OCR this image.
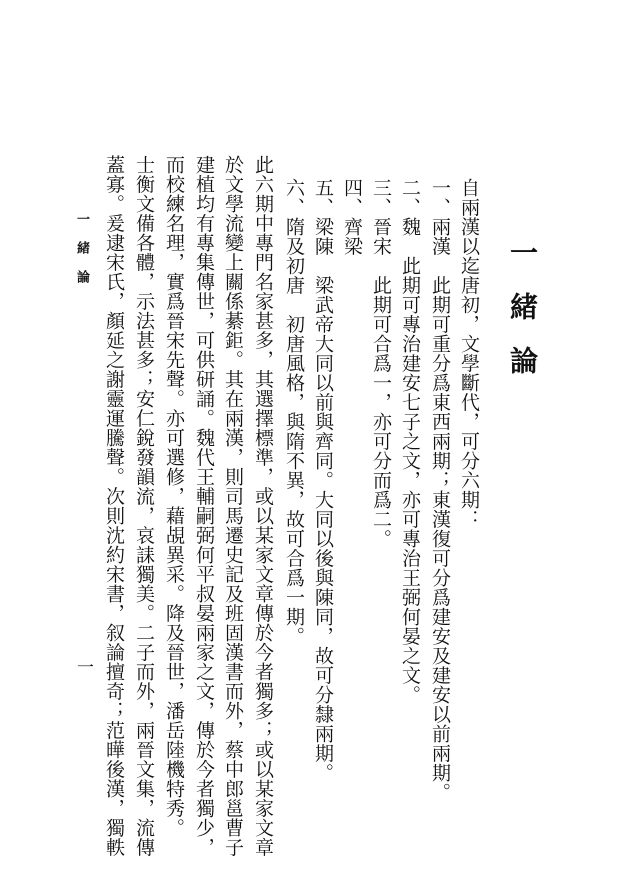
一緒論

自兩漢以迄唐初，文學斷代，可分六期：

一、兩漢　此期可重分爲東西兩期；東漢復可分爲建安及建安以前兩期。

二、魏　此期可專治建安七子之文，亦可專治王弼何晏之文。

三、晉宋　此期可合爲一，亦可分而爲二。

四、齊梁

五、梁陳　梁武帝大同以前與齊同。大同以後與陳同，故可分隸兩期。

六、隋及初唐　初唐風格，與隋不異，故可合爲一期。

此六期中專門名家甚多，其選擇標準，或以某家文章傳於今者獨多；或以某家文章

於文學流變上關係綦鉅。其在兩漢，則司馬遷史記及班固漢書而外，蔡中郎邕曹子

建植均有專集傳世，可供研誦。魏代王輔嗣弼何平叔晏兩家之文，傳於今者獨少，

而校練名理，實爲晉宋先聲。亦可選修，藉覘異采。降及晉世，潘岳陸機特秀。

士衡文備各體，示法甚多；安仁銳發韻流，哀誄獨美。二子而外，兩晉文集，流傳

蓋寡。爰逮宋氏，顏延之謝靈運騰聲。次則沈約宋書，叙論擅奇；范曄後漢，獨軼

一緒論
一
